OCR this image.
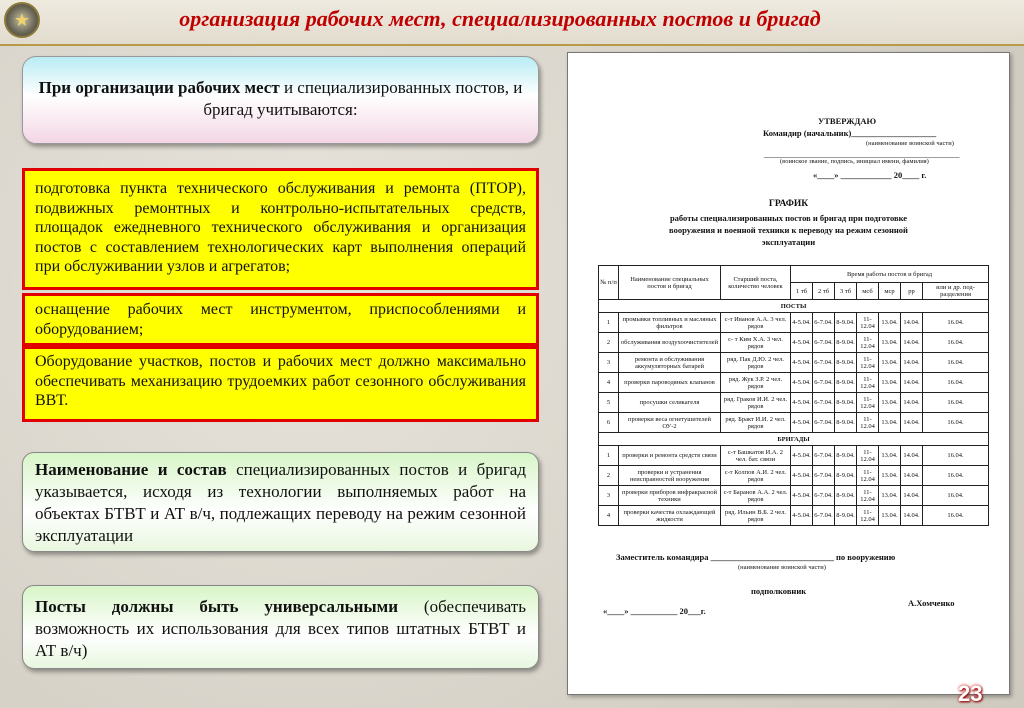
★	организация рабочих мест, специализированных постов и бригад
При организации рабочих мест и специализированных постов, и бригад учитываются:
подготовка пункта технического обслуживания и ремонта (ПТОР), подвижных ремонтных и контрольно-испытательных средств, площадок ежедневного технического обслуживания и организация постов с составлением технологических карт выполнения операций при обслуживании узлов и агрегатов;
оснащение рабочих мест инструментом, приспособлениями и оборудованием;
Оборудование участков, постов и рабочих мест должно максимально обеспечивать механизацию трудоемких работ сезонного обслуживания ВВТ.
Наименование и состав специализированных постов и бригад указывается, исходя из технологии выполняемых работ на объектах БТВТ и АТ в/ч, подлежащих переводу на режим сезонной эксплуатации
Посты должны быть универсальными (обеспечивать возможность их использования для всех типов штатных БТВТ и АТ в/ч)
УТВЕРЖДАЮ
Командир (начальник)____________________
(наименование воинской части)
______________________________________________
(воинское звание, подпись, инициал имени, фамилия)
«____» ____________ 20____ г.
ГРАФИК
работы специализированных постов и бригад при подготовке
вооружения и военной техники к переводу на режим сезонной
эксплуатации
№ п/п	Наименование специальных постов и бригад	Старший поста, количество человек	Время работы постов и бригад						
			1 тб	2 тб	3 тб	мсб	мср	рр	или и др. под-разделения
ПОСТЫ									
1	промывки топливных и масляных фильтров	с-т Иванов А.А. 3 чел. рядов	4-5.04.	6-7.04.	8-9.04.	11-12.04	13.04.	14.04.	16.04.
2	обслуживания воздухоочистителей	с- т Ким Х.А. 3 чел. рядов	4-5.04.	6-7.04.	8-9.04.	11-12.04	13.04.	14.04.	16.04.
3	ремонта и обслуживания аккумуляторных батарей	ряд. Пак Д.Ю. 2 чел. рядов	4-5.04.	6-7.04.	8-9.04.	11-12.04	13.04.	14.04.	16.04.
4	проверки пароводяных клапанов	ряд. Жук З.Р. 2 чел. рядов	4-5.04.	6-7.04.	8-9.04.	11-12.04	13.04.	14.04.	16.04.
5	просушки селикагеля	ряд. Граков И.И. 2 чел. рядов	4-5.04.	6-7.04.	8-9.04.	11-12.04	13.04.	14.04.	16.04.
6	проверки веса огнетушителей ОУ-2	ряд. Бракт И.И. 2 чел. рядов	4-5.04.	6-7.04.	8-9.04.	11-12.04	13.04.	14.04.	16.04.
БРИГАДЫ									
1	проверки и ремонта средств связи	с-т Башкатов И.А. 2 чел. бат. связи	4-5.04.	6-7.04.	8-9.04.	11-12.04	13.04.	14.04.	16.04.
2	проверки и устранения неисправностей вооружения	с-т Колпов А.И. 2 чел. рядов	4-5.04.	6-7.04.	8-9.04.	11-12.04	13.04.	14.04.	16.04.
3	проверки приборов инфракрасной техники	с-т Баранов А.А. 2 чел. рядов	4-5.04.	6-7.04.	8-9.04.	11-12.04	13.04.	14.04.	16.04.
4	проверки качества охлаждающей жидкости	ряд. Ильин В.Б. 2 чел. рядов	4-5.04.	6-7.04.	8-9.04.	11-12.04	13.04.	14.04.	16.04.
Заместитель командира _____________________________ по вооружению
(наименование воинской части)
подполковник
А.Хомченко
«____» ___________ 20___г.
23
